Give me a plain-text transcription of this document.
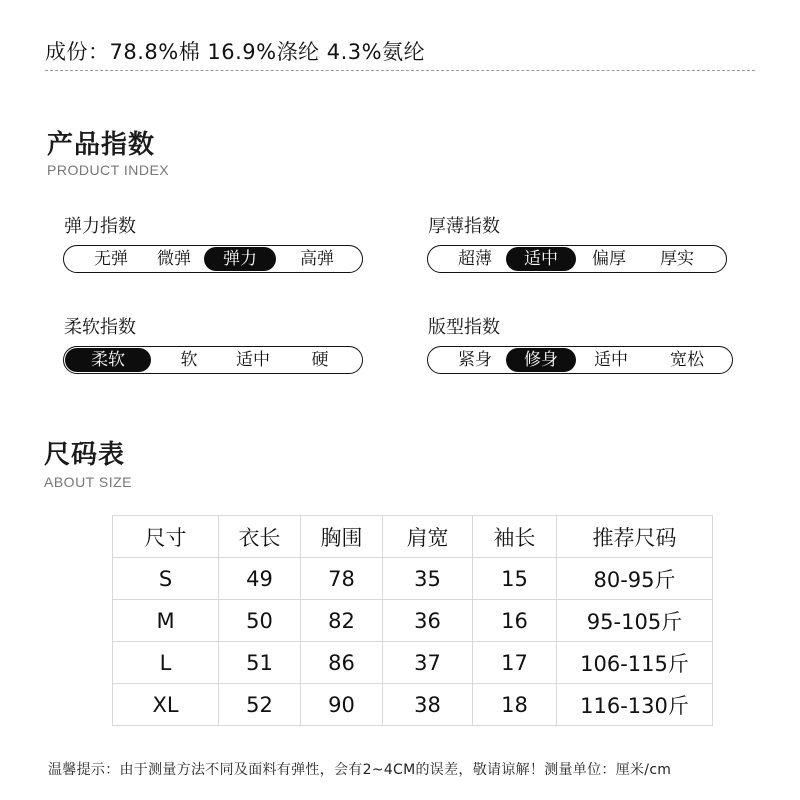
成份：78.8%棉 16.9%涤纶 4.3%氨纶
产品指数
PRODUCT INDEX
弹力指数
无弹	微弹	弹力	高弹
厚薄指数
超薄	适中	偏厚	厚实
柔软指数
柔软	软	适中	硬
版型指数
紧身	修身	适中	宽松
尺码表
ABOUT SIZE
尺寸	衣长	胸围	肩宽	袖长	推荐尺码
S	49	78	35	15	80-95斤
M	50	82	36	16	95-105斤
L	51	86	37	17	106-115斤
XL	52	90	38	18	116-130斤
温馨提示：由于测量方法不同及面料有弹性，会有2~4CM的误差，敬请谅解！测量单位：厘米/cm
